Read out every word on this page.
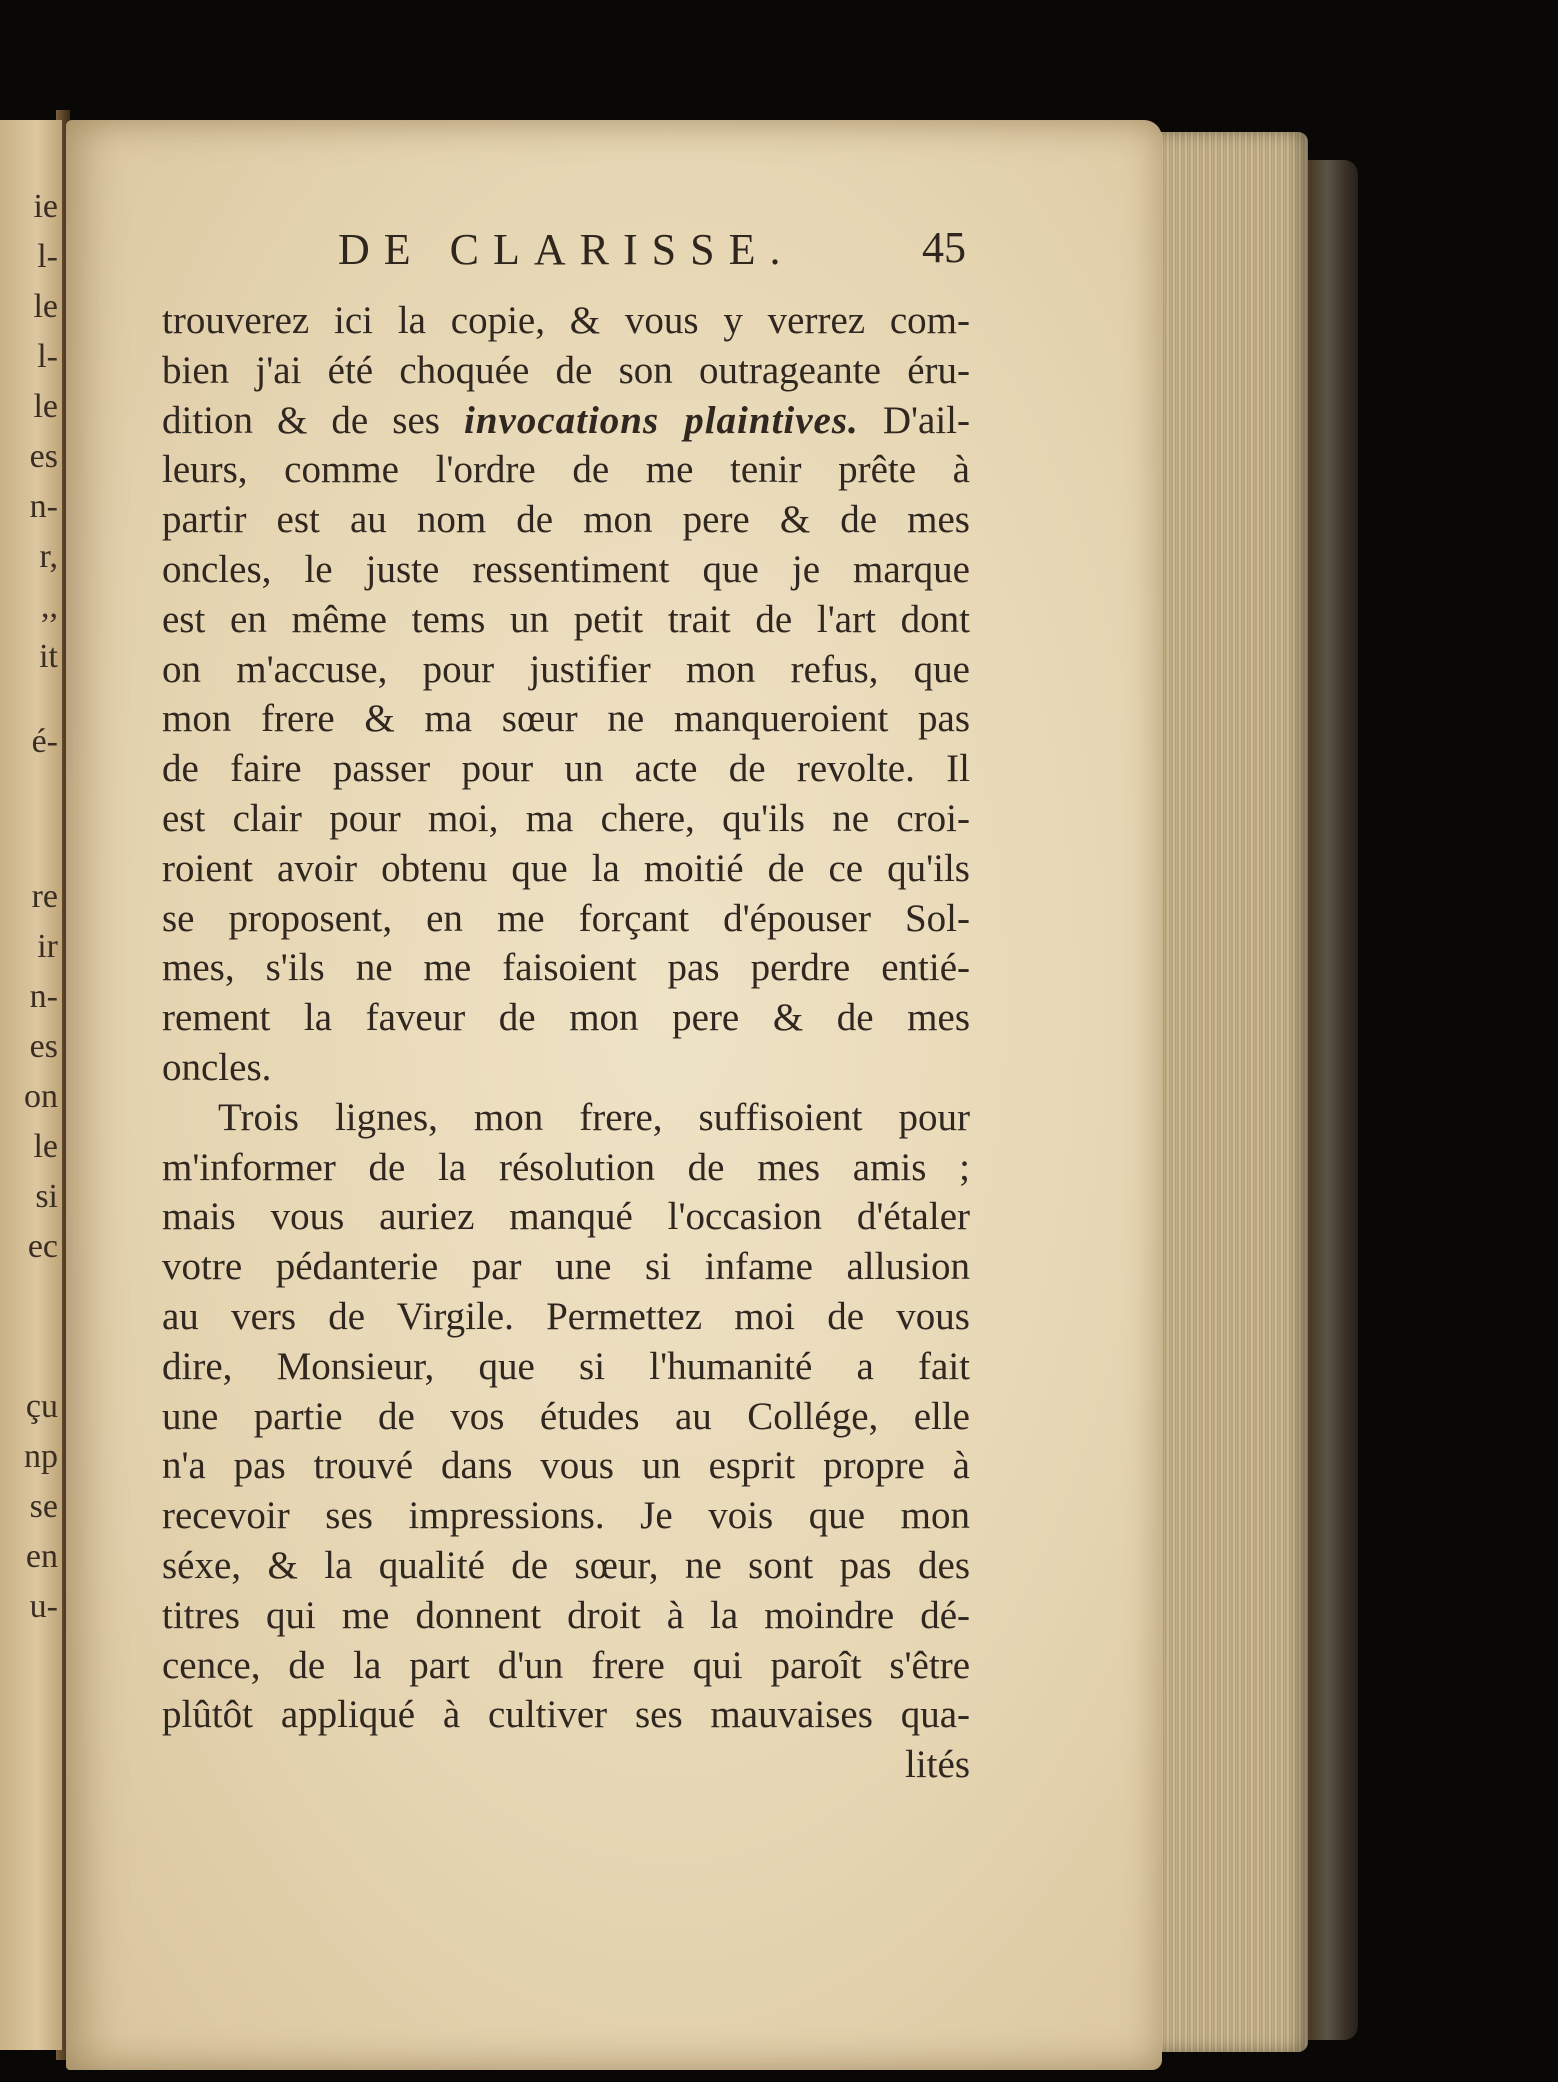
ie
l-
le
l-
le
es
n-
r,
,,
it
é-
re
ir
n-
es
on
le
si
ec
çu
np
se
en
u-
DE CLARISSE.	45
trouverez ici la copie, & vous y verrez com-
bien j'ai été choquée de son outrageante éru-
dition & de ses invocations plaintives. D'ail-
leurs, comme l'ordre de me tenir prête à
partir est au nom de mon pere & de mes
oncles, le juste ressentiment que je marque
est en même tems un petit trait de l'art dont
on m'accuse, pour justifier mon refus, que
mon frere & ma sœur ne manqueroient pas
de faire passer pour un acte de revolte. Il
est clair pour moi, ma chere, qu'ils ne croi-
roient avoir obtenu que la moitié de ce qu'ils
se proposent, en me forçant d'épouser Sol-
mes, s'ils ne me faisoient pas perdre entié-
rement la faveur de mon pere & de mes
oncles.
Trois lignes, mon frere, suffisoient pour
m'informer de la résolution de mes amis ;
mais vous auriez manqué l'occasion d'étaler
votre pédanterie par une si infame allusion
au vers de Virgile. Permettez moi de vous
dire, Monsieur, que si l'humanité a fait
une partie de vos études au Collége, elle
n'a pas trouvé dans vous un esprit propre à
recevoir ses impressions. Je vois que mon
séxe, & la qualité de sœur, ne sont pas des
titres qui me donnent droit à la moindre dé-
cence, de la part d'un frere qui paroît s'être
plûtôt appliqué à cultiver ses mauvaises qua-
lités
